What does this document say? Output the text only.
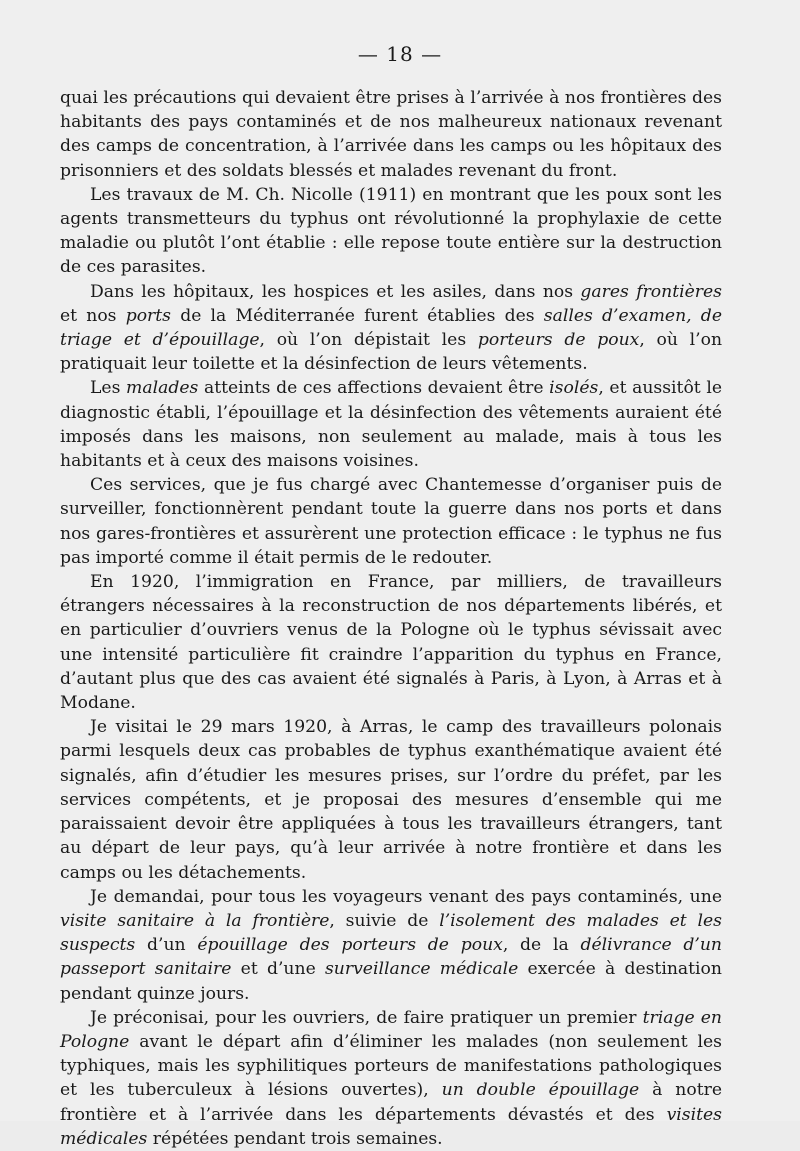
— 18 —

quai les précautions qui devaient être prises à l’arrivée à nos frontières des habitants des pays contaminés et de nos malheureux nationaux revenant des camps de concentration, à l’arrivée dans les camps ou les hôpitaux des prisonniers et des soldats blessés et malades revenant du front.

Les travaux de M. Ch. Nicolle (1911) en montrant que les poux sont les agents transmetteurs du typhus ont révolutionné la prophylaxie de cette maladie ou plutôt l’ont établie : elle repose toute entière sur la destruction de ces parasites.

Dans les hôpitaux, les hospices et les asiles, dans nos gares frontières et nos ports de la Méditerranée furent établies des salles d’examen, de triage et d’épouillage, où l’on dépistait les porteurs de poux, où l’on pratiquait leur toilette et la désinfection de leurs vêtements.

Les malades atteints de ces affections devaient être isolés, et aussitôt le diagnostic établi, l’épouillage et la désinfection des vêtements auraient été imposés dans les maisons, non seulement au malade, mais à tous les habitants et à ceux des maisons voisines.

Ces services, que je fus chargé avec Chantemesse d’organiser puis de surveiller, fonctionnèrent pendant toute la guerre dans nos ports et dans nos gares-frontières et assurèrent une protection efficace : le typhus ne fus pas importé comme il était permis de le redouter.

En 1920, l’immigration en France, par milliers, de travailleurs étrangers nécessaires à la reconstruction de nos départements libérés, et en particulier d’ouvriers venus de la Pologne où le typhus sévissait avec une intensité particulière fit craindre l’apparition du typhus en France, d’autant plus que des cas avaient été signalés à Paris, à Lyon, à Arras et à Modane.

Je visitai le 29 mars 1920, à Arras, le camp des travailleurs polonais parmi lesquels deux cas probables de typhus exanthématique avaient été signalés, afin d’étudier les mesures prises, sur l’ordre du préfet, par les services compétents, et je proposai des mesures d’ensemble qui me paraissaient devoir être appliquées à tous les travailleurs étrangers, tant au départ de leur pays, qu’à leur arrivée à notre frontière et dans les camps ou les détachements.

Je demandai, pour tous les voyageurs venant des pays contaminés, une visite sanitaire à la frontière, suivie de l’isolement des malades et les suspects d’un épouillage des porteurs de poux, de la délivrance d’un passeport sanitaire et d’une surveillance médicale exercée à destination pendant quinze jours.

Je préconisai, pour les ouvriers, de faire pratiquer un premier triage en Pologne avant le départ afin d’éliminer les malades (non seulement les typhiques, mais les syphilitiques porteurs de manifestations pathologiques et les tuberculeux à lésions ouvertes), un double épouillage à notre frontière et à l’arrivée dans les départements dévastés et des visites médicales répétées pendant trois semaines.
